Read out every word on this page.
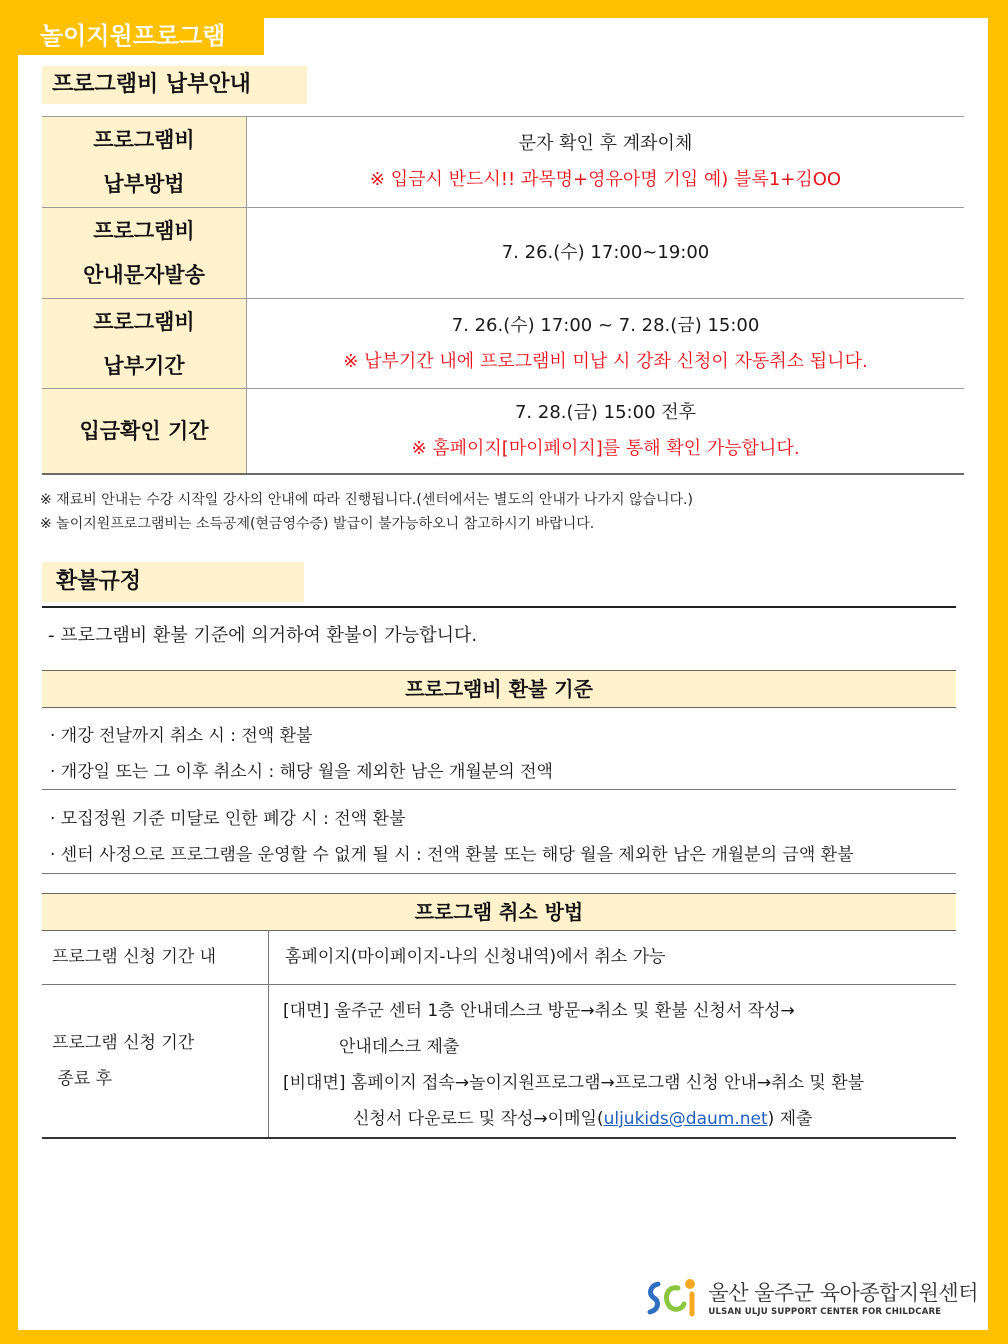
놀이지원프로그램
프로그램비 납부안내
프로그램비
납부방법
문자 확인 후 계좌이체
※ 입금시 반드시!! 과목명+영유아명 기입 예) 블록1+김OO
프로그램비
안내문자발송
7. 26.(수) 17:00~19:00
프로그램비
납부기간
7. 26.(수) 17:00 ~ 7. 28.(금) 15:00
※ 납부기간 내에 프로그램비 미납 시 강좌 신청이 자동취소 됩니다.
입금확인 기간
7. 28.(금) 15:00 전후
※ 홈페이지[마이페이지]를 통해 확인 가능합니다.
※ 재료비 안내는 수강 시작일 강사의 안내에 따라 진행됩니다.(센터에서는 별도의 안내가 나가지 않습니다.)
※ 놀이지원프로그램비는 소득공제(현금영수증) 발급이 불가능하오니 참고하시기 바랍니다.
환불규정
- 프로그램비 환불 기준에 의거하여 환불이 가능합니다.
프로그램비 환불 기준
· 개강 전날까지 취소 시 : 전액 환불
· 개강일 또는 그 이후 취소시 : 해당 월을 제외한 남은 개월분의 전액
· 모집정원 기준 미달로 인한 폐강 시 : 전액 환불
· 센터 사정으로 프로그램을 운영할 수 없게 될 시 : 전액 환불 또는 해당 월을 제외한 남은 개월분의 금액 환불
프로그램 취소 방법
프로그램 신청 기간 내	홈페이지(마이페이지-나의 신청내역)에서 취소 가능
프로그램 신청 기간
종료 후
[대면] 울주군 센터 1층 안내데스크 방문→취소 및 환불 신청서 작성→
안내데스크 제출
[비대면] 홈페이지 접속→놀이지원프로그램→프로그램 신청 안내→취소 및 환불
신청서 다운로드 및 작성→이메일(uljukids@daum.net) 제출
울산 울주군 육아종합지원센터
ULSAN ULJU SUPPORT CENTER FOR CHILDCARE
